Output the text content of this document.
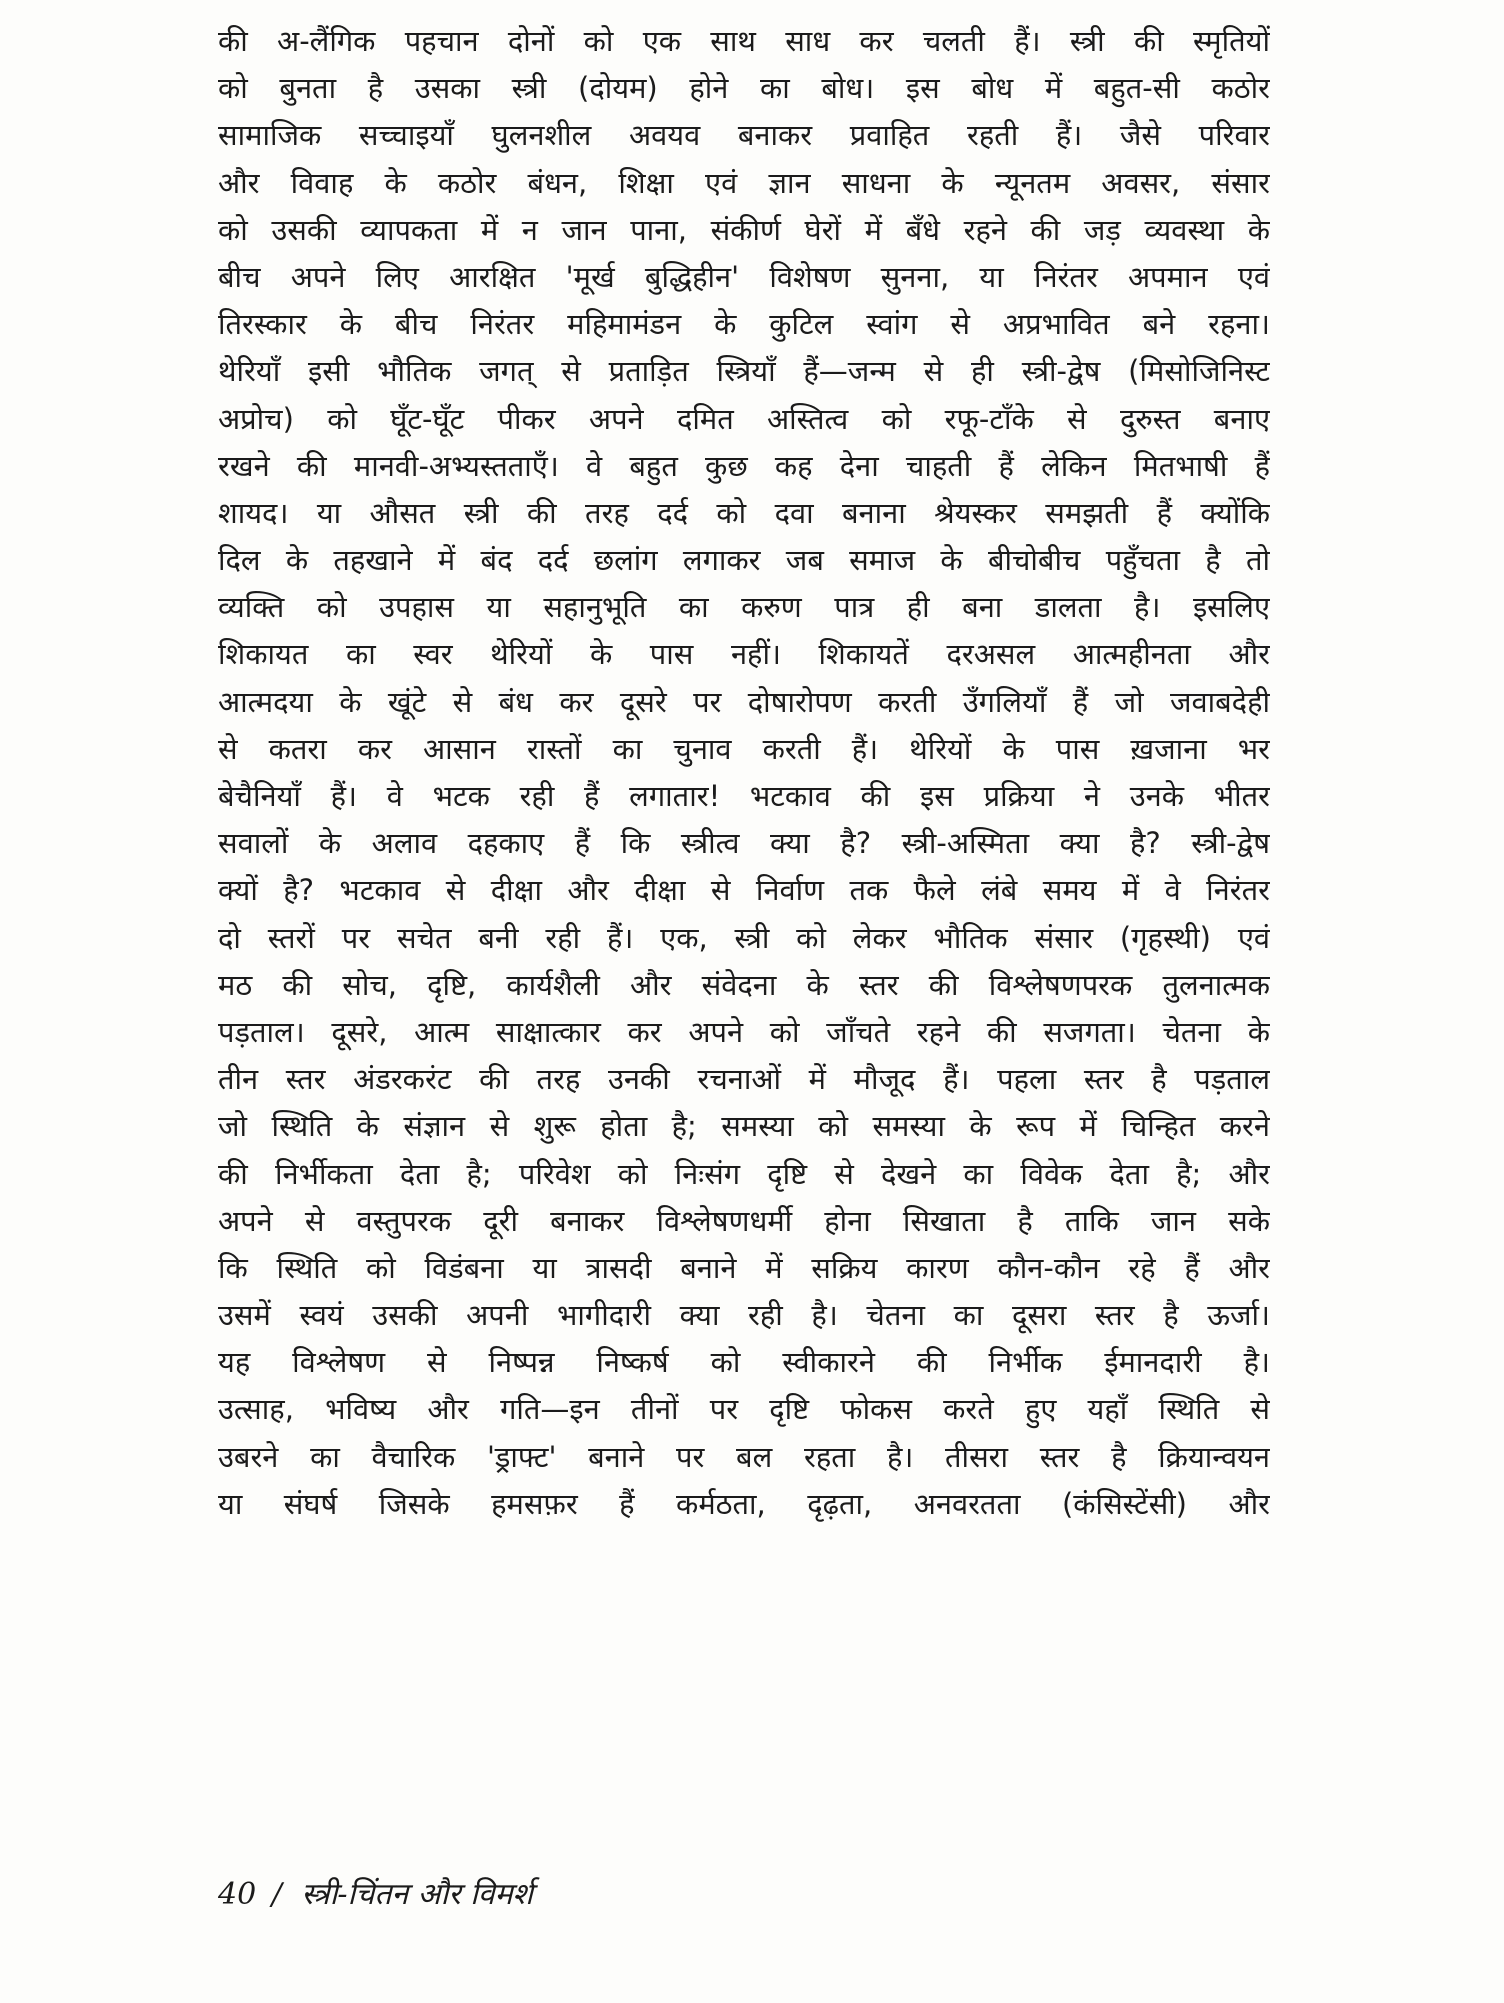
की अ-लैंगिक पहचान दोनों को एक साथ साध कर चलती हैं। स्त्री की स्मृतियों
को बुनता है उसका स्त्री (दोयम) होने का बोध। इस बोध में बहुत-सी कठोर
सामाजिक सच्चाइयाँ घुलनशील अवयव बनाकर प्रवाहित रहती हैं। जैसे परिवार
और विवाह के कठोर बंधन, शिक्षा एवं ज्ञान साधना के न्यूनतम अवसर, संसार
को उसकी व्यापकता में न जान पाना, संकीर्ण घेरों में बँधे रहने की जड़ व्यवस्था के
बीच अपने लिए आरक्षित 'मूर्ख बुद्धिहीन' विशेषण सुनना, या निरंतर अपमान एवं
तिरस्कार के बीच निरंतर महिमामंडन के कुटिल स्वांग से अप्रभावित बने रहना।
थेरियाँ इसी भौतिक जगत् से प्रताड़ित स्त्रियाँ हैं—जन्म से ही स्त्री-द्वेष (मिसोजिनिस्ट
अप्रोच) को घूँट-घूँट पीकर अपने दमित अस्तित्व को रफू-टाँके से दुरुस्त बनाए
रखने की मानवी-अभ्यस्तताएँ। वे बहुत कुछ कह देना चाहती हैं लेकिन मितभाषी हैं
शायद। या औसत स्त्री की तरह दर्द को दवा बनाना श्रेयस्कर समझती हैं क्योंकि
दिल के तहखाने में बंद दर्द छलांग लगाकर जब समाज के बीचोबीच पहुँचता है तो
व्यक्ति को उपहास या सहानुभूति का करुण पात्र ही बना डालता है। इसलिए
शिकायत का स्वर थेरियों के पास नहीं। शिकायतें दरअसल आत्महीनता और
आत्मदया के खूंटे से बंध कर दूसरे पर दोषारोपण करती उँगलियाँ हैं जो जवाबदेही
से कतरा कर आसान रास्तों का चुनाव करती हैं। थेरियों के पास ख़जाना भर
बेचैनियाँ हैं। वे भटक रही हैं लगातार! भटकाव की इस प्रक्रिया ने उनके भीतर
सवालों के अलाव दहकाए हैं कि स्त्रीत्व क्या है? स्त्री-अस्मिता क्या है? स्त्री-द्वेष
क्यों है? भटकाव से दीक्षा और दीक्षा से निर्वाण तक फैले लंबे समय में वे निरंतर
दो स्तरों पर सचेत बनी रही हैं। एक, स्त्री को लेकर भौतिक संसार (गृहस्थी) एवं
मठ की सोच, दृष्टि, कार्यशैली और संवेदना के स्तर की विश्लेषणपरक तुलनात्मक
पड़ताल। दूसरे, आत्म साक्षात्कार कर अपने को जाँचते रहने की सजगता। चेतना के
तीन स्तर अंडरकरंट की तरह उनकी रचनाओं में मौजूद हैं। पहला स्तर है पड़ताल
जो स्थिति के संज्ञान से शुरू होता है; समस्या को समस्या के रूप में चिन्हित करने
की निर्भीकता देता है; परिवेश को निःसंग दृष्टि से देखने का विवेक देता है; और
अपने से वस्तुपरक दूरी बनाकर विश्लेषणधर्मी होना सिखाता है ताकि जान सके
कि स्थिति को विडंबना या त्रासदी बनाने में सक्रिय कारण कौन-कौन रहे हैं और
उसमें स्वयं उसकी अपनी भागीदारी क्या रही है। चेतना का दूसरा स्तर है ऊर्जा।
यह विश्लेषण से निष्पन्न निष्कर्ष को स्वीकारने की निर्भीक ईमानदारी है।
उत्साह, भविष्य और गति—इन तीनों पर दृष्टि फोकस करते हुए यहाँ स्थिति से
उबरने का वैचारिक 'ड्राफ्ट' बनाने पर बल रहता है। तीसरा स्तर है क्रियान्वयन
या संघर्ष जिसके हमसफ़र हैं कर्मठता, दृढ़ता, अनवरतता (कंसिस्टेंसी) और
40 / स्त्री-चिंतन और विमर्श
